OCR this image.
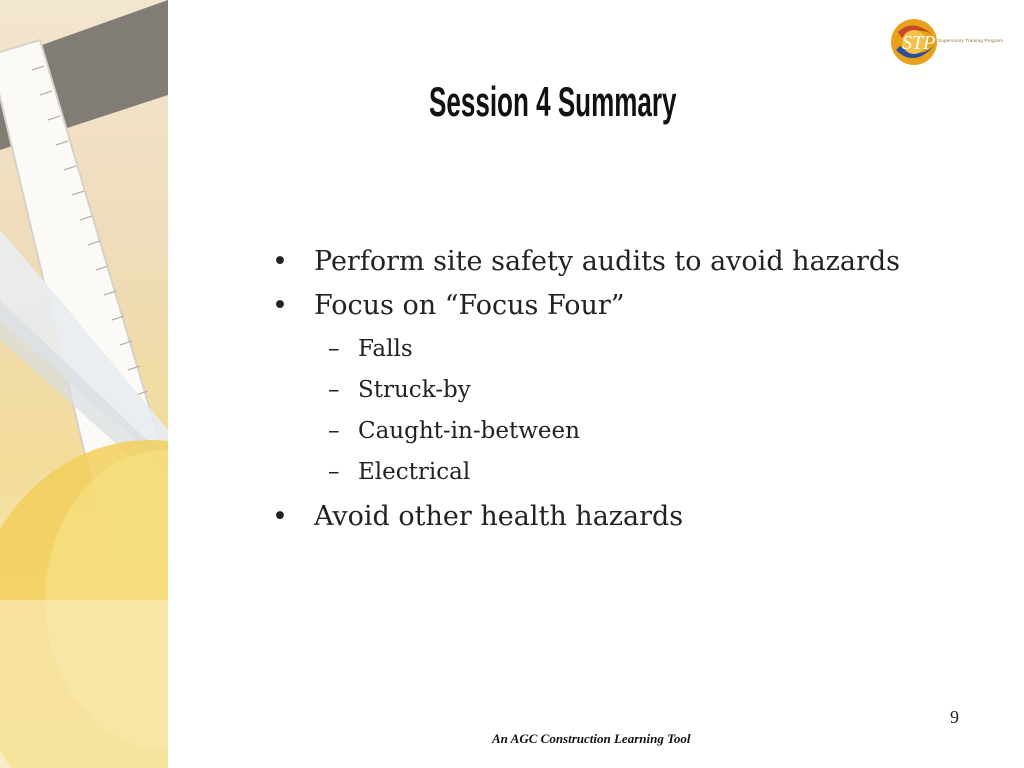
STP Supervisory Training Program
Session 4 Summary
• Perform site safety audits to avoid hazards
• Focus on “Focus Four”
– Falls
– Struck-by
– Caught-in-between
– Electrical
• Avoid other health hazards
9
An AGC Construction Learning Tool
